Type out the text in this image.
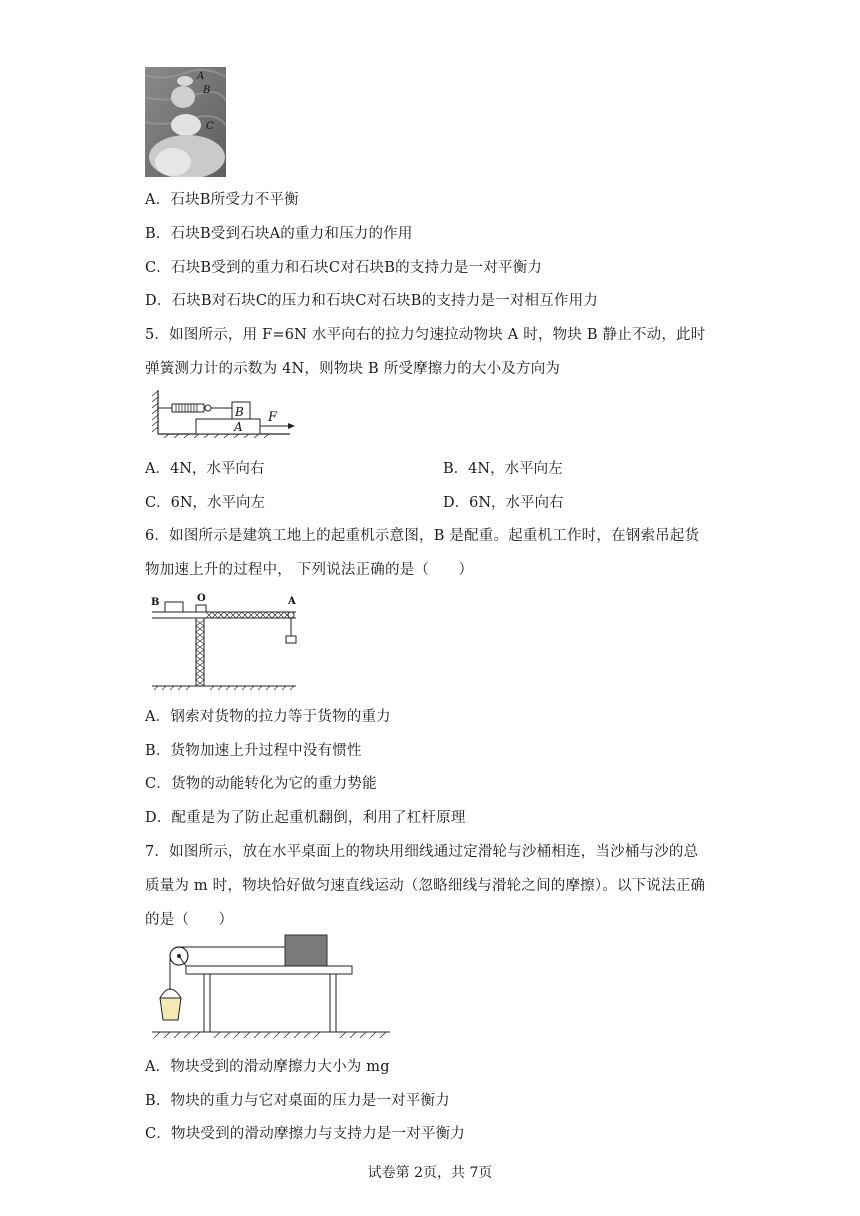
A
B
C
A．石块B所受力不平衡
B．石块B受到石块A的重力和压力的作用
C．石块B受到的重力和石块C对石块B的支持力是一对平衡力
D．石块B对石块C的压力和石块C对石块B的支持力是一对相互作用力
5．如图所示，用 F=6N 水平向右的拉力匀速拉动物块 A 时，物块 B 静止不动，此时
弹簧测力计的示数为 4N，则物块 B 所受摩擦力的大小及方向为
B
A
F
A．4N，水平向右	B．4N，水平向左
C．6N，水平向左	D．6N，水平向右
6．如图所示是建筑工地上的起重机示意图，B 是配重。起重机工作时，在钢索吊起货
物加速上升的过程中， 下列说法正确的是（　　）
B	O	A
A．钢索对货物的拉力等于货物的重力
B．货物加速上升过程中没有惯性
C．货物的动能转化为它的重力势能
D．配重是为了防止起重机翻倒，利用了杠杆原理
7．如图所示，放在水平桌面上的物块用细线通过定滑轮与沙桶相连，当沙桶与沙的总
质量为 m 时，物块恰好做匀速直线运动（忽略细线与滑轮之间的摩擦）。以下说法正确
的是（　　）
A．物块受到的滑动摩擦力大小为 mg
B．物块的重力与它对桌面的压力是一对平衡力
C．物块受到的滑动摩擦力与支持力是一对平衡力
试卷第 2页，共 7页
